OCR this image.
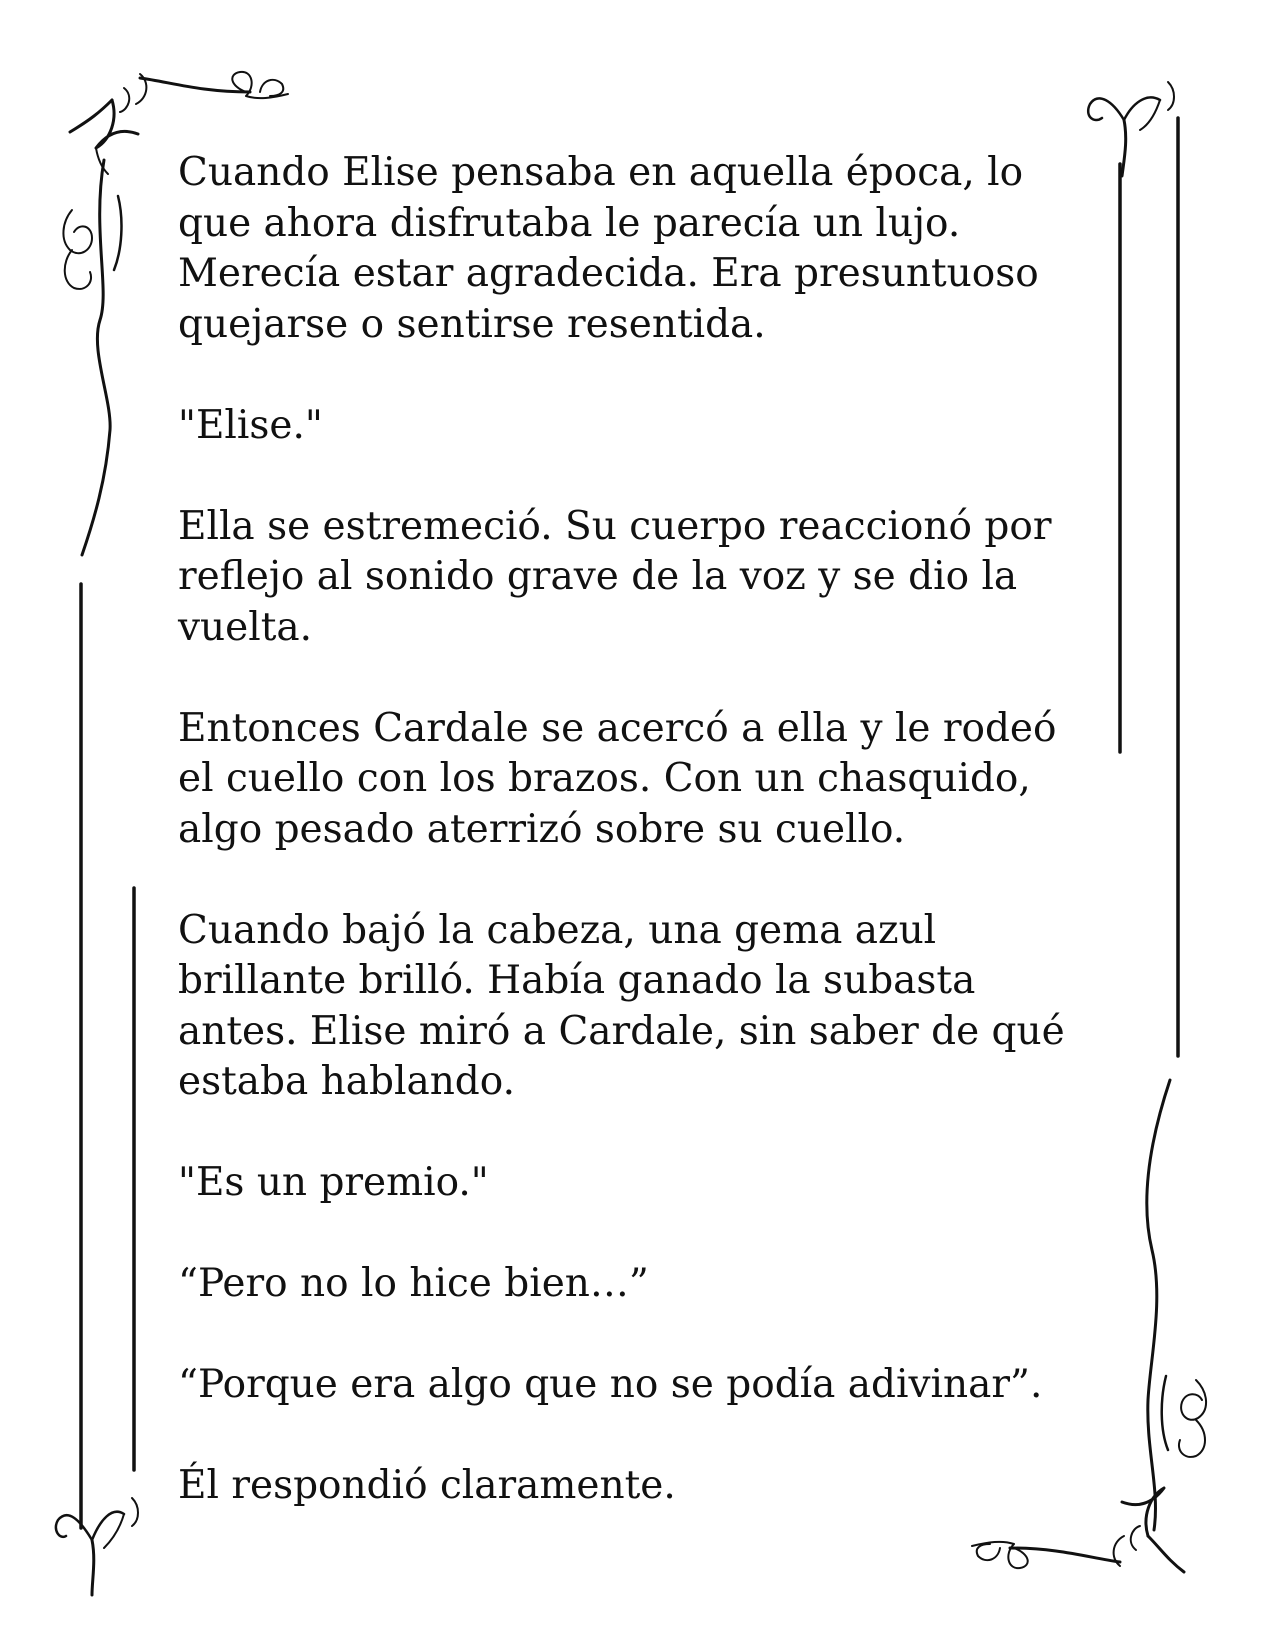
Cuando Elise pensaba en aquella época, lo que ahora disfrutaba le parecía un lujo. Merecía estar agradecida. Era presuntuoso quejarse o sentirse resentida.

"Elise."

Ella se estremeció. Su cuerpo reaccionó por reflejo al sonido grave de la voz y se dio la vuelta.

Entonces Cardale se acercó a ella y le rodeó el cuello con los brazos. Con un chasquido, algo pesado aterrizó sobre su cuello.

Cuando bajó la cabeza, una gema azul brillante brilló. Había ganado la subasta antes. Elise miró a Cardale, sin saber de qué estaba hablando.

"Es un premio."

“Pero no lo hice bien…”

“Porque era algo que no se podía adivinar”.

Él respondió claramente.
